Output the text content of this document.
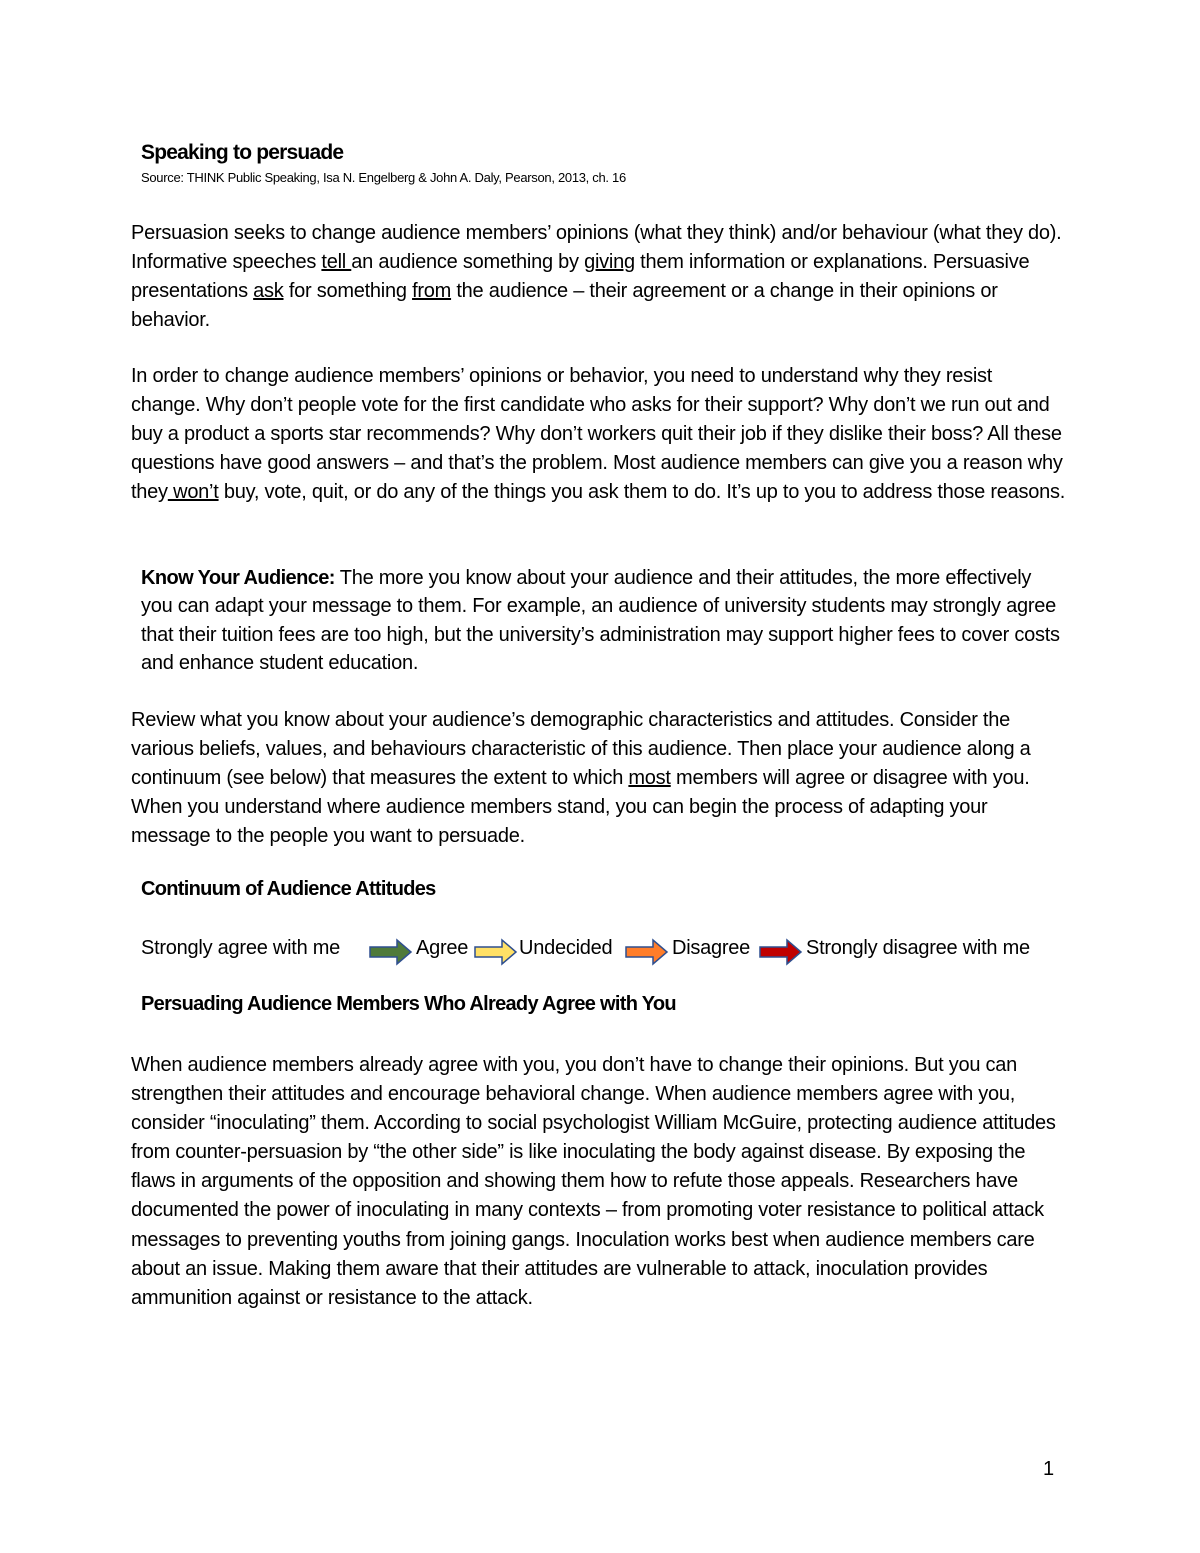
Speaking to persuade
Source: THINK Public Speaking, Isa N. Engelberg & John A. Daly, Pearson, 2013, ch. 16

Persuasion seeks to change audience members’ opinions (what they think) and/or behaviour (what they do). Informative speeches tell an audience something by giving them information or explanations. Persuasive presentations ask for something from the audience – their agreement or a change in their opinions or behavior.

In order to change audience members’ opinions or behavior, you need to understand why they resist change. Why don’t people vote for the first candidate who asks for their support? Why don’t we run out and buy a product a sports star recommends? Why don’t workers quit their job if they dislike their boss? All these questions have good answers – and that’s the problem. Most audience members can give you a reason why they won’t buy, vote, quit, or do any of the things you ask them to do. It’s up to you to address those reasons.

Know Your Audience: The more you know about your audience and their attitudes, the more effectively you can adapt your message to them. For example, an audience of university students may strongly agree that their tuition fees are too high, but the university’s administration may support higher fees to cover costs and enhance student education.

Review what you know about your audience’s demographic characteristics and attitudes. Consider the various beliefs, values, and behaviours characteristic of this audience. Then place your audience along a continuum (see below) that measures the extent to which most members will agree or disagree with you. When you understand where audience members stand, you can begin the process of adapting your message to the people you want to persuade.

Continuum of Audience Attitudes
Strongly agree with me	Agree	Undecided	Disagree	Strongly disagree with me
Persuading Audience Members Who Already Agree with You

When audience members already agree with you, you don’t have to change their opinions. But you can strengthen their attitudes and encourage behavioral change. When audience members agree with you, consider “inoculating” them. According to social psychologist William McGuire, protecting audience attitudes from counter-persuasion by “the other side” is like inoculating the body against disease. By exposing the flaws in arguments of the opposition and showing them how to refute those appeals. Researchers have documented the power of inoculating in many contexts – from promoting voter resistance to political attack messages to preventing youths from joining gangs. Inoculation works best when audience members care about an issue. Making them aware that their attitudes are vulnerable to attack, inoculation provides ammunition against or resistance to the attack.

1
